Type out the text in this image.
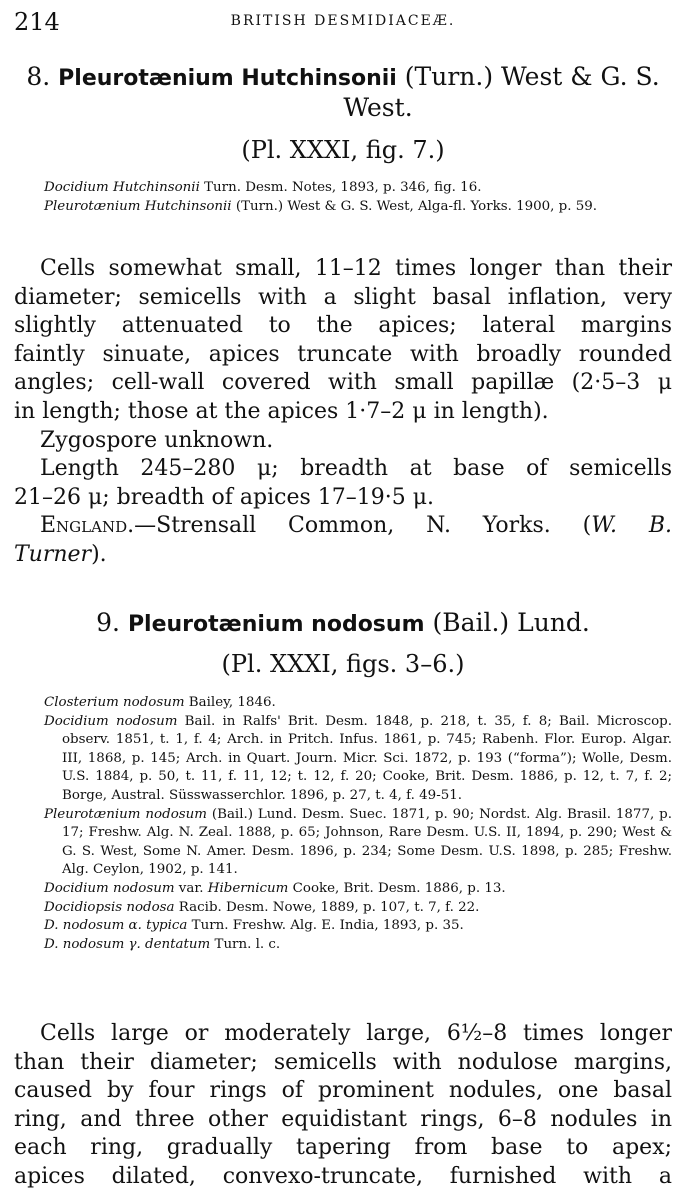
214	BRITISH DESMIDIACEÆ.
8. Pleurotænium Hutchinsonii (Turn.) West & G. S.
West.
(Pl. XXXI, fig. 7.)
Docidium Hutchinsonii Turn. Desm. Notes, 1893, p. 346, fig. 16.
Pleurotænium Hutchinsonii (Turn.) West & G. S. West, Alga-fl. Yorks. 1900, p. 59.
Cells somewhat small, 11–12 times longer than their
diameter; semicells with a slight basal inflation, very
slightly attenuated to the apices; lateral margins
faintly sinuate, apices truncate with broadly rounded
angles; cell-wall covered with small papillæ (2·5–3 μ
in length; those at the apices 1·7–2 μ in length).
Zygospore unknown.
Length 245–280 μ; breadth at base of semicells
21–26 μ; breadth of apices 17–19·5 μ.
England.—Strensall Common, N. Yorks. (W. B.
Turner).
9. Pleurotænium nodosum (Bail.) Lund.
(Pl. XXXI, figs. 3–6.)
Closterium nodosum Bailey, 1846.
Docidium nodosum Bail. in Ralfs' Brit. Desm. 1848, p. 218, t. 35, f. 8; Bail. Microscop. observ. 1851, t. 1, f. 4; Arch. in Pritch. Infus. 1861, p. 745; Rabenh. Flor. Europ. Algar. III, 1868, p. 145; Arch. in Quart. Journ. Micr. Sci. 1872, p. 193 (“forma”); Wolle, Desm. U.S. 1884, p. 50, t. 11, f. 11, 12; t. 12, f. 20; Cooke, Brit. Desm. 1886, p. 12, t. 7, f. 2; Borge, Austral. Süsswasserchlor. 1896, p. 27, t. 4, f. 49-51.
Pleurotænium nodosum (Bail.) Lund. Desm. Suec. 1871, p. 90; Nordst. Alg. Brasil. 1877, p. 17; Freshw. Alg. N. Zeal. 1888, p. 65; Johnson, Rare Desm. U.S. II, 1894, p. 290; West & G. S. West, Some N. Amer. Desm. 1896, p. 234; Some Desm. U.S. 1898, p. 285; Freshw. Alg. Ceylon, 1902, p. 141.
Docidium nodosum var. Hibernicum Cooke, Brit. Desm. 1886, p. 13.
Docidiopsis nodosa Racib. Desm. Nowe, 1889, p. 107, t. 7, f. 22.
D. nodosum α. typica Turn. Freshw. Alg. E. India, 1893, p. 35.
D. nodosum γ. dentatum Turn. l. c.
Cells large or moderately large, 6½–8 times longer
than their diameter; semicells with nodulose margins,
caused by four rings of prominent nodules, one basal
ring, and three other equidistant rings, 6–8 nodules in
each ring, gradually tapering from base to apex;
apices dilated, convexo-truncate, furnished with a
